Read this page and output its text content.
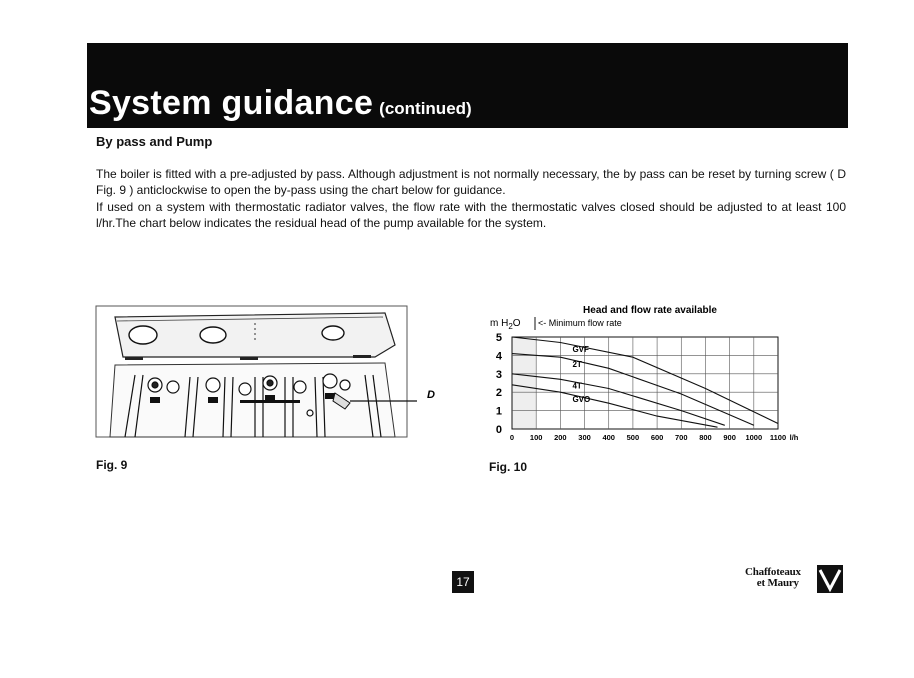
System guidance (continued)
By pass and Pump

The boiler is fitted with a pre-adjusted by pass. Although adjustment is not normally necessary, the by pass can be reset by turning screw ( D Fig. 9 ) anticlockwise to open the by-pass using the chart below for guidance.

If used on a system with thermostatic radiator valves, the flow rate with the thermostatic valves closed should be adjusted to at least 100 l/hr.The chart below indicates the residual head of the pump available for the system.

D
Fig. 9
Head and flow rate available
m $H_2O$ <- Minimum flow rate
5
4
3
2
1
0
0 100 200 300 400 500 600 700 800 900 1000 1100 l/h
GVF
2T
4T
GVO
Fig. 10
17
Chaffoteaux
et Maury
